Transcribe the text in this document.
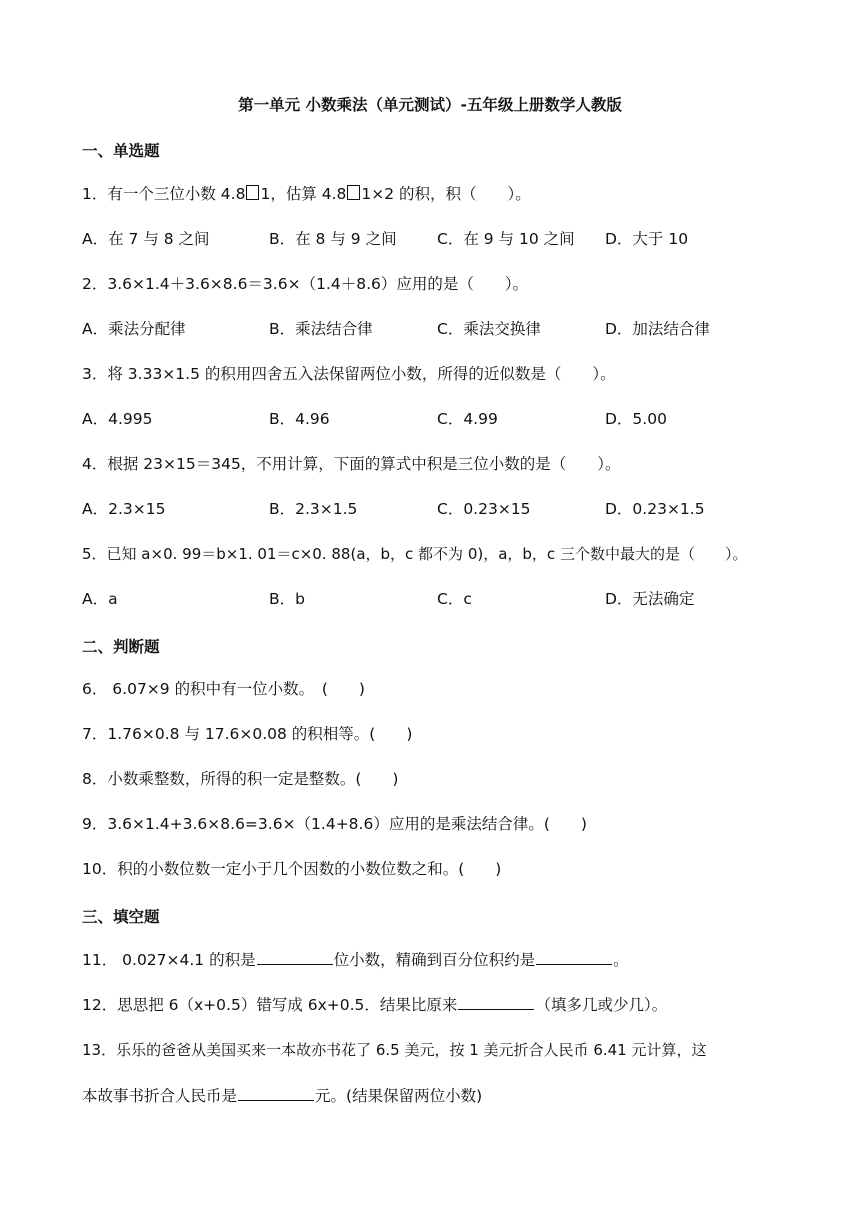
第一单元 小数乘法（单元测试）-五年级上册数学人教版
一、单选题
1．有一个三位小数 4.8 1，估算 4.8 1×2 的积，积（　　）。
A．在 7 与 8 之间	B．在 8 与 9 之间	C．在 9 与 10 之间 D．大于 10
2．3.6×1.4＋3.6×8.6＝3.6×（1.4＋8.6）应用的是（　　）。
A．乘法分配律	B．乘法结合律	C．乘法交换律	D．加法结合律
3．将 3.33×1.5 的积用四舍五入法保留两位小数，所得的近似数是（　　）。
A．4.995	B．4.96	C．4.99	D．5.00
4．根据 23×15＝345，不用计算，下面的算式中积是三位小数的是（　　）。
A．2.3×15	B．2.3×1.5	C．0.23×15	D．0.23×1.5
5．已知 a×0. 99＝b×1. 01＝c×0. 88(a，b，c 都不为 0)，a，b，c 三个数中最大的是（　　）。
A．a	B．b	C．c	D．无法确定
二、判断题
6． 6.07×9 的积中有一位小数。　(　　)
7．1.76×0.8 与 17.6×0.08 的积相等。(　　)
8．小数乘整数，所得的积一定是整数。(　　)
9．3.6×1.4+3.6×8.6=3.6×（1.4+8.6）应用的是乘法结合律。(　　)
10．积的小数位数一定小于几个因数的小数位数之和。(　　)
三、填空题
11． 0.027×4.1 的积是	位小数，精确到百分位积约是	。
12．思思把 6（x+0.5）错写成 6x+0.5．结果比原来	（填多几或少几）。
13．乐乐的爸爸从美国买来一本故亦书花了 6.5 美元，按 1 美元折合人民币 6.41 元计算，这
本故事书折合人民币是	元。(结果保留两位小数)
